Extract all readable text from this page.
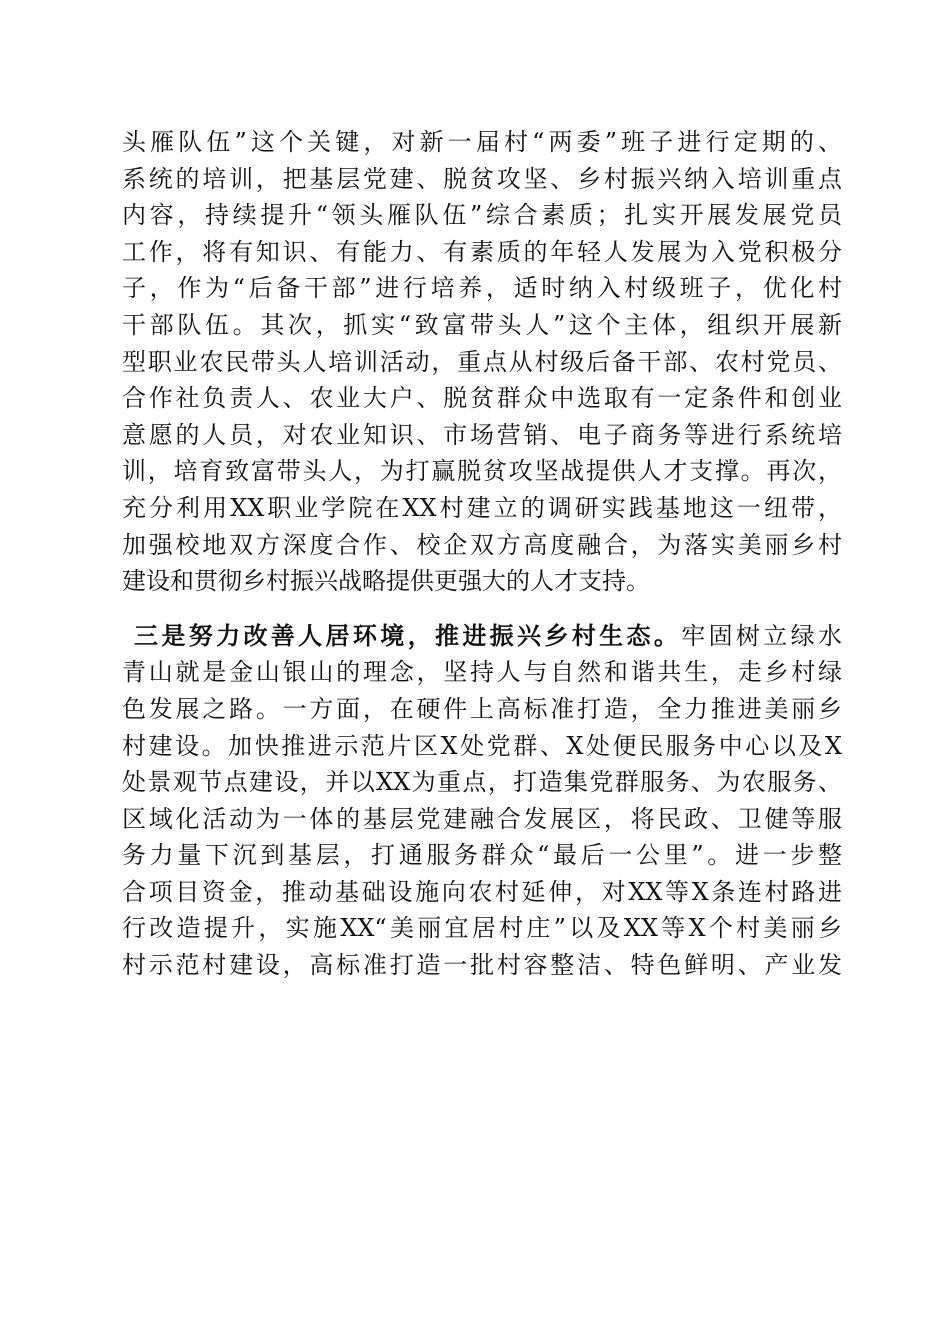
头雁队伍”这个关键，对新一届村“两委”班子进行定期的、
系统的培训，把基层党建、脱贫攻坚、乡村振兴纳入培训重点
内容，持续提升“领头雁队伍”综合素质；扎实开展发展党员
工作，将有知识、有能力、有素质的年轻人发展为入党积极分
子，作为“后备干部”进行培养，适时纳入村级班子，优化村
干部队伍。其次，抓实“致富带头人”这个主体，组织开展新
型职业农民带头人培训活动，重点从村级后备干部、农村党员、
合作社负责人、农业大户、脱贫群众中选取有一定条件和创业
意愿的人员，对农业知识、市场营销、电子商务等进行系统培
训，培育致富带头人，为打赢脱贫攻坚战提供人才支撑。再次，
充分利用XX职业学院在XX村建立的调研实践基地这一纽带，
加强校地双方深度合作、校企双方高度融合，为落实美丽乡村
建设和贯彻乡村振兴战略提供更强大的人才支持。
三是努力改善人居环境，推进振兴乡村生态。牢固树立绿水
青山就是金山银山的理念，坚持人与自然和谐共生，走乡村绿
色发展之路。一方面，在硬件上高标准打造，全力推进美丽乡
村建设。加快推进示范片区X处党群、X处便民服务中心以及X
处景观节点建设，并以XX为重点，打造集党群服务、为农服务、
区域化活动为一体的基层党建融合发展区，将民政、卫健等服
务力量下沉到基层，打通服务群众“最后一公里”。进一步整
合项目资金，推动基础设施向农村延伸，对XX等X条连村路进
行改造提升，实施XX“美丽宜居村庄”以及XX等X个村美丽乡
村示范村建设，高标准打造一批村容整洁、特色鲜明、产业发
